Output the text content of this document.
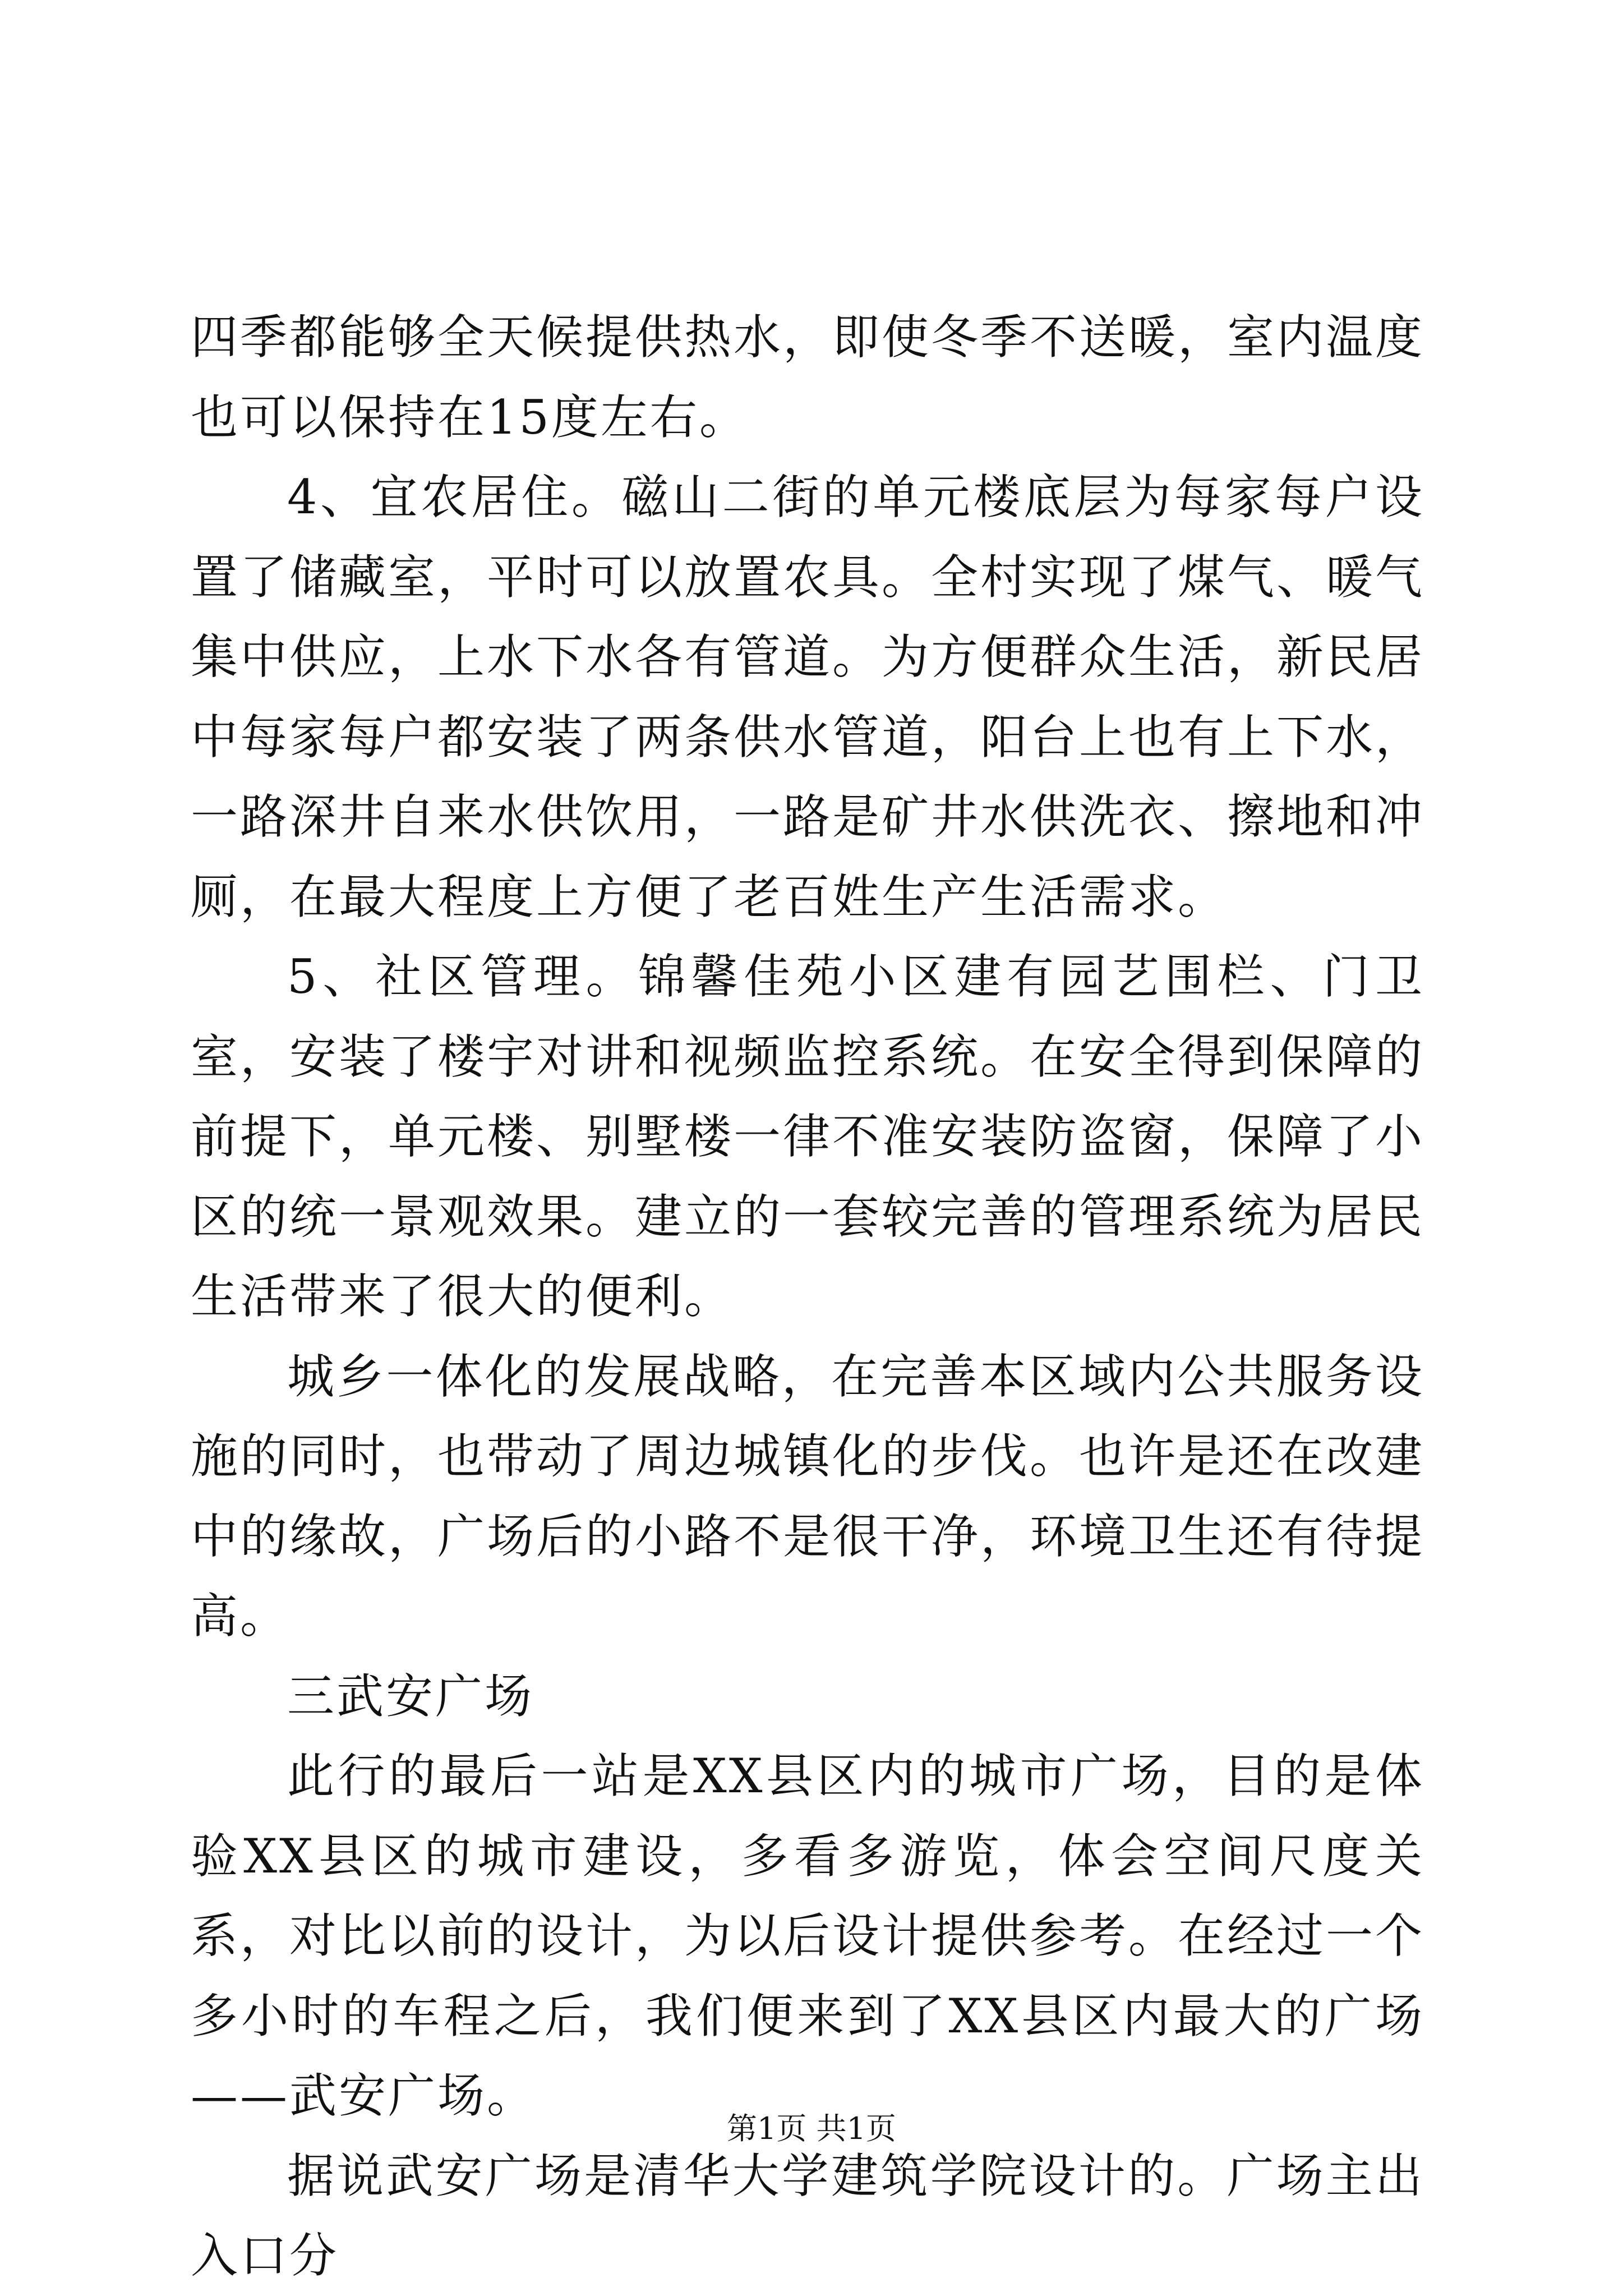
四季都能够全天候提供热水，即使冬季不送暖，室内温度也可以保持在15度左右。

4、宜农居住。磁山二街的单元楼底层为每家每户设置了储藏室，平时可以放置农具。全村实现了煤气、暖气集中供应，上水下水各有管道。为方便群众生活，新民居中每家每户都安装了两条供水管道，阳台上也有上下水，一路深井自来水供饮用，一路是矿井水供洗衣、擦地和冲厕，在最大程度上方便了老百姓生产生活需求。

5、社区管理。锦馨佳苑小区建有园艺围栏、门卫室，安装了楼宇对讲和视频监控系统。在安全得到保障的前提下，单元楼、别墅楼一律不准安装防盗窗，保障了小区的统一景观效果。建立的一套较完善的管理系统为居民生活带来了很大的便利。

城乡一体化的发展战略，在完善本区域内公共服务设施的同时，也带动了周边城镇化的步伐。也许是还在改建中的缘故，广场后的小路不是很干净，环境卫生还有待提高。

三武安广场

此行的最后一站是XX县区内的城市广场，目的是体验XX县区的城市建设，多看多游览，体会空间尺度关系，对比以前的设计，为以后设计提供参考。在经过一个多小时的车程之后，我们便来到了XX县区内最大的广场——武安广场。

据说武安广场是清华大学建筑学院设计的。广场主出入口分

第1页 共1页
